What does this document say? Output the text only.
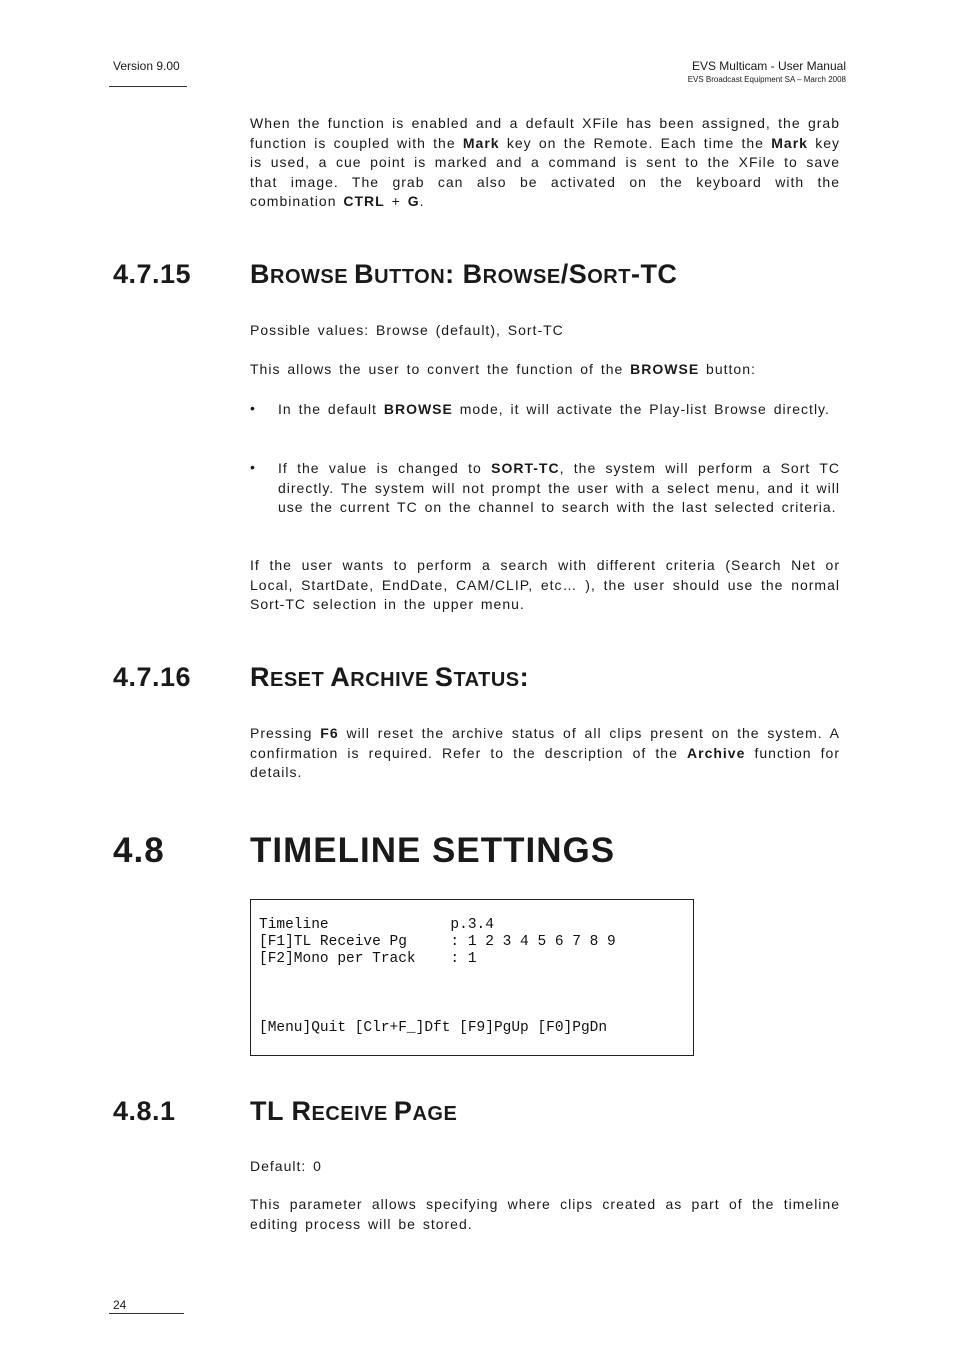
Version 9.00	EVS Multicam - User Manual
EVS Broadcast Equipment SA – March 2008
When the function is enabled and a default XFile has been assigned, the grab function is coupled with the Mark key on the Remote. Each time the Mark key is used, a cue point is marked and a command is sent to the XFile to save that image. The grab can also be activated on the keyboard with the combination CTRL + G.
4.7.15 BROWSE BUTTON: BROWSE/SORT-TC
Possible values: Browse (default), Sort-TC
This allows the user to convert the function of the BROWSE button:
• In the default BROWSE mode, it will activate the Play-list Browse directly.
• If the value is changed to SORT-TC, the system will perform a Sort TC directly. The system will not prompt the user with a select menu, and it will use the current TC on the channel to search with the last selected criteria.
If the user wants to perform a search with different criteria (Search Net or Local, StartDate, EndDate, CAM/CLIP, etc… ), the user should use the normal Sort-TC selection in the upper menu.
4.7.16 RESET ARCHIVE STATUS:
Pressing F6 will reset the archive status of all clips present on the system. A confirmation is required. Refer to the description of the Archive function for details.
4.8 TIMELINE SETTINGS
Timeline              p.3.4
[F1]TL Receive Pg     : 1 2 3 4 5 6 7 8 9
[F2]Mono per Track    : 1
[Menu]Quit [Clr+F_]Dft [F9]PgUp [F0]PgDn
4.8.1	TL RECEIVE PAGE
Default: 0
This parameter allows specifying where clips created as part of the timeline editing process will be stored.
24
